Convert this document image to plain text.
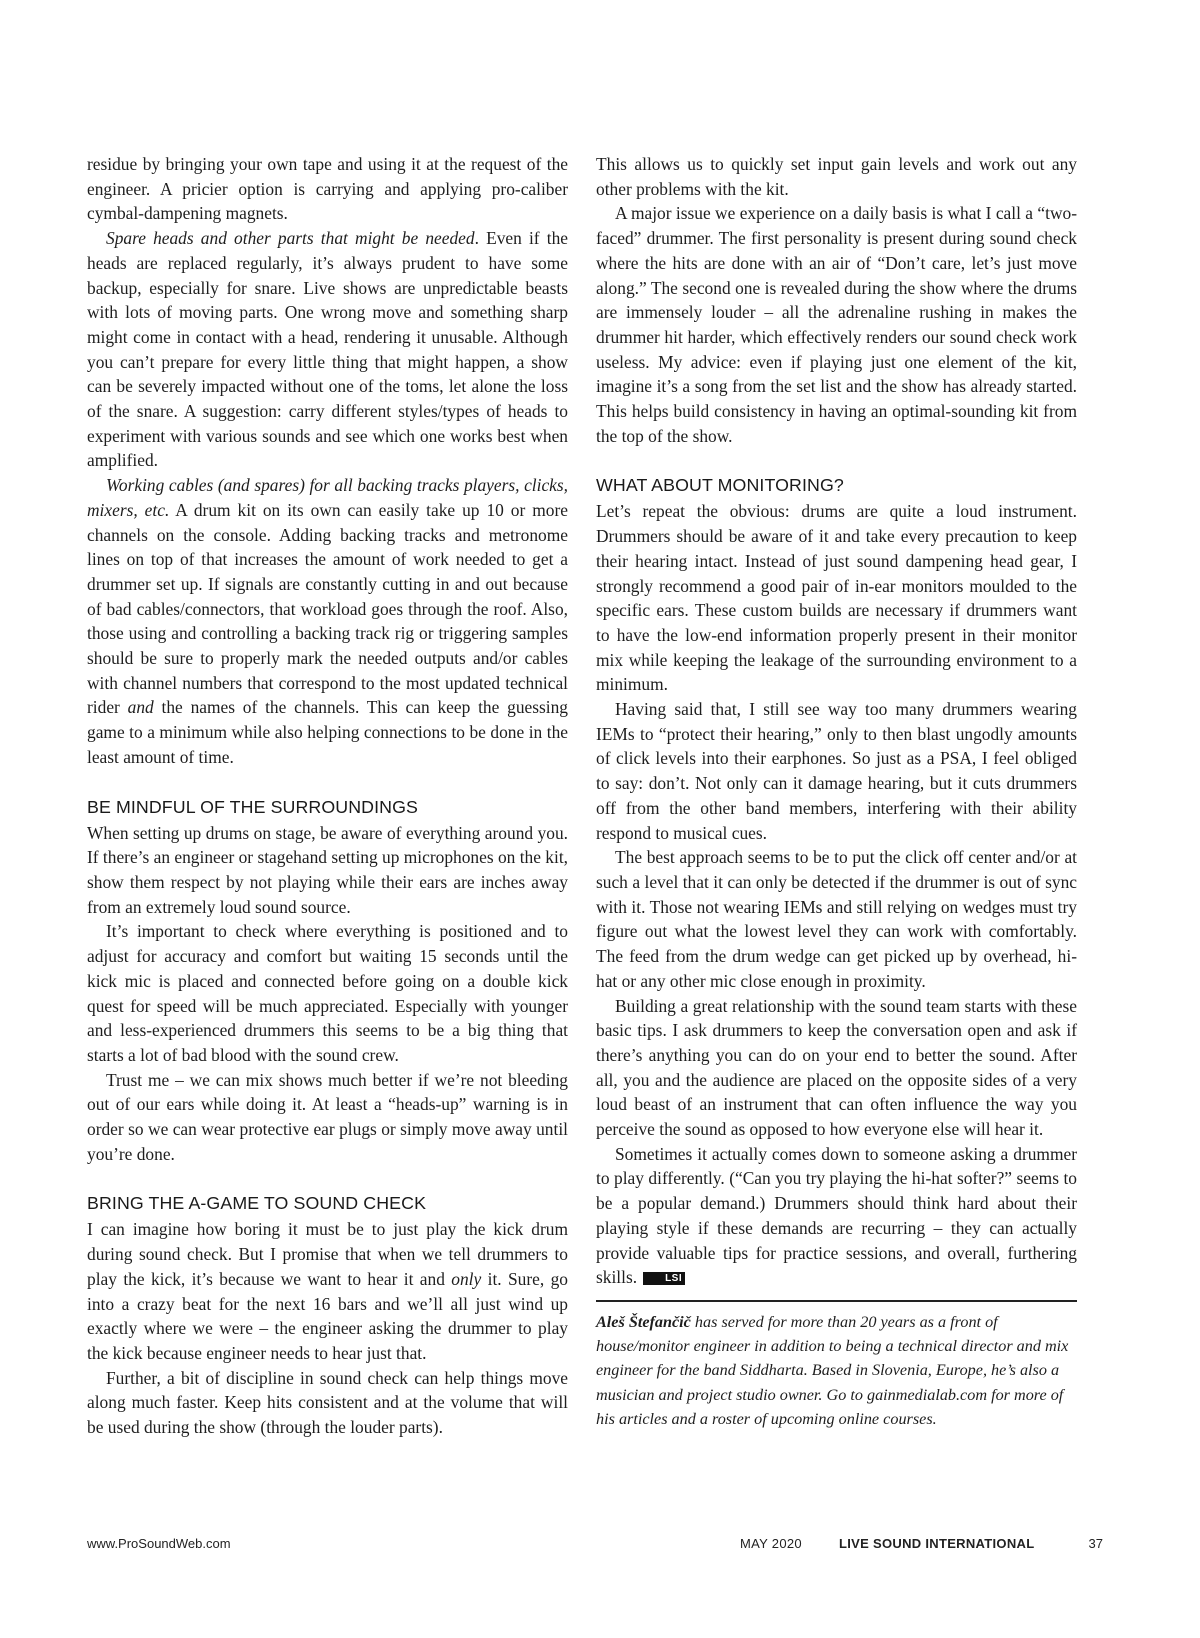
residue by bringing your own tape and using it at the request of the engineer. A pricier option is carrying and applying pro-caliber cymbal-dampening magnets.

Spare heads and other parts that might be needed. Even if the heads are replaced regularly, it’s always prudent to have some backup, especially for snare. Live shows are unpredictable beasts with lots of moving parts. One wrong move and something sharp might come in contact with a head, rendering it unusable. Although you can’t prepare for every little thing that might happen, a show can be severely impacted without one of the toms, let alone the loss of the snare. A suggestion: carry different styles/types of heads to experiment with various sounds and see which one works best when amplified.

Working cables (and spares) for all backing tracks players, clicks, mixers, etc. A drum kit on its own can easily take up 10 or more channels on the console. Adding backing tracks and metronome lines on top of that increases the amount of work needed to get a drummer set up. If signals are constantly cutting in and out because of bad cables/connectors, that workload goes through the roof. Also, those using and controlling a backing track rig or triggering samples should be sure to properly mark the needed outputs and/or cables with channel numbers that correspond to the most updated technical rider and the names of the channels. This can keep the guessing game to a minimum while also helping connections to be done in the least amount of time.

BE MINDFUL OF THE SURROUNDINGS

When setting up drums on stage, be aware of everything around you. If there’s an engineer or stagehand setting up microphones on the kit, show them respect by not playing while their ears are inches away from an extremely loud sound source.

It’s important to check where everything is positioned and to adjust for accuracy and comfort but waiting 15 seconds until the kick mic is placed and connected before going on a double kick quest for speed will be much appreciated. Especially with younger and less-experienced drummers this seems to be a big thing that starts a lot of bad blood with the sound crew.

Trust me – we can mix shows much better if we’re not bleeding out of our ears while doing it. At least a “heads-up” warning is in order so we can wear protective ear plugs or simply move away until you’re done.

BRING THE A-GAME TO SOUND CHECK

I can imagine how boring it must be to just play the kick drum during sound check. But I promise that when we tell drummers to play the kick, it’s because we want to hear it and only it. Sure, go into a crazy beat for the next 16 bars and we’ll all just wind up exactly where we were – the engineer asking the drummer to play the kick because engineer needs to hear just that.

Further, a bit of discipline in sound check can help things move along much faster. Keep hits consistent and at the volume that will be used during the show (through the louder parts).

This allows us to quickly set input gain levels and work out any other problems with the kit.

A major issue we experience on a daily basis is what I call a “two-faced” drummer. The first personality is present during sound check where the hits are done with an air of “Don’t care, let’s just move along.” The second one is revealed during the show where the drums are immensely louder – all the adrenaline rushing in makes the drummer hit harder, which effectively renders our sound check work useless. My advice: even if playing just one element of the kit, imagine it’s a song from the set list and the show has already started. This helps build consistency in having an optimal-sounding kit from the top of the show.

WHAT ABOUT MONITORING?

Let’s repeat the obvious: drums are quite a loud instrument. Drummers should be aware of it and take every precaution to keep their hearing intact. Instead of just sound dampening head gear, I strongly recommend a good pair of in-ear monitors moulded to the specific ears. These custom builds are necessary if drummers want to have the low-end information properly present in their monitor mix while keeping the leakage of the surrounding environment to a minimum.

Having said that, I still see way too many drummers wearing IEMs to “protect their hearing,” only to then blast ungodly amounts of click levels into their earphones. So just as a PSA, I feel obliged to say: don’t. Not only can it damage hearing, but it cuts drummers off from the other band members, interfering with their ability respond to musical cues.

The best approach seems to be to put the click off center and/or at such a level that it can only be detected if the drummer is out of sync with it. Those not wearing IEMs and still relying on wedges must try figure out what the lowest level they can work with comfortably. The feed from the drum wedge can get picked up by overhead, hi-hat or any other mic close enough in proximity.

Building a great relationship with the sound team starts with these basic tips. I ask drummers to keep the conversation open and ask if there’s anything you can do on your end to better the sound. After all, you and the audience are placed on the opposite sides of a very loud beast of an instrument that can often influence the way you perceive the sound as opposed to how everyone else will hear it.

Sometimes it actually comes down to someone asking a drummer to play differently. (“Can you try playing the hi-hat softer?” seems to be a popular demand.) Drummers should think hard about their playing style if these demands are recurring – they can actually provide valuable tips for practice sessions, and overall, furthering skills.	LSI

Aleš Štefančič has served for more than 20 years as a front of house/monitor engineer in addition to being a technical director and mix engineer for the band Siddharta. Based in Slovenia, Europe, he’s also a musician and project studio owner. Go to gainmedialab.com for more of his articles and a roster of upcoming online courses.
www.ProSoundWeb.com	MAY 2020	LIVE SOUND INTERNATIONAL	37
